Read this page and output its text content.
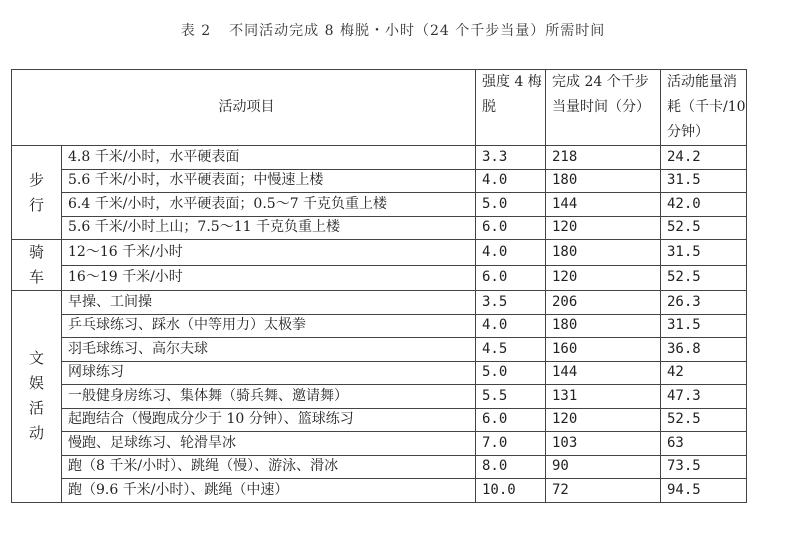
表 2 不同活动完成 8 梅脱・小时（24 个千步当量）所需时间
活动项目		强度 4 梅脱	完成 24 个千步当量时间（分）	活动能量消耗（千卡/10 分钟）
步
行	4.8 千米/小时，水平硬表面	3.3	218	24.2
	5.6 千米/小时，水平硬表面；中慢速上楼	4.0	180	31.5
	6.4 千米/小时，水平硬表面；0.5～7 千克负重上楼	5.0	144	42.0
	5.6 千米/小时上山；7.5～11 千克负重上楼	6.0	120	52.5
骑
车	12～16 千米/小时	4.0	180	31.5
	16～19 千米/小时	6.0	120	52.5
文
娱
活
动	早操、工间操	3.5	206	26.3
	乒乓球练习、踩水（中等用力）太极拳	4.0	180	31.5
	羽毛球练习、高尔夫球	4.5	160	36.8
	网球练习	5.0	144	42
	一般健身房练习、集体舞（骑兵舞、邀请舞）	5.5	131	47.3
	起跑结合（慢跑成分少于 10 分钟）、篮球练习	6.0	120	52.5
	慢跑、足球练习、轮滑旱冰	7.0	103	63
	跑（8 千米/小时）、跳绳（慢）、游泳、滑冰	8.0	90	73.5
	跑（9.6 千米/小时）、跳绳（中速）	10.0	72	94.5
